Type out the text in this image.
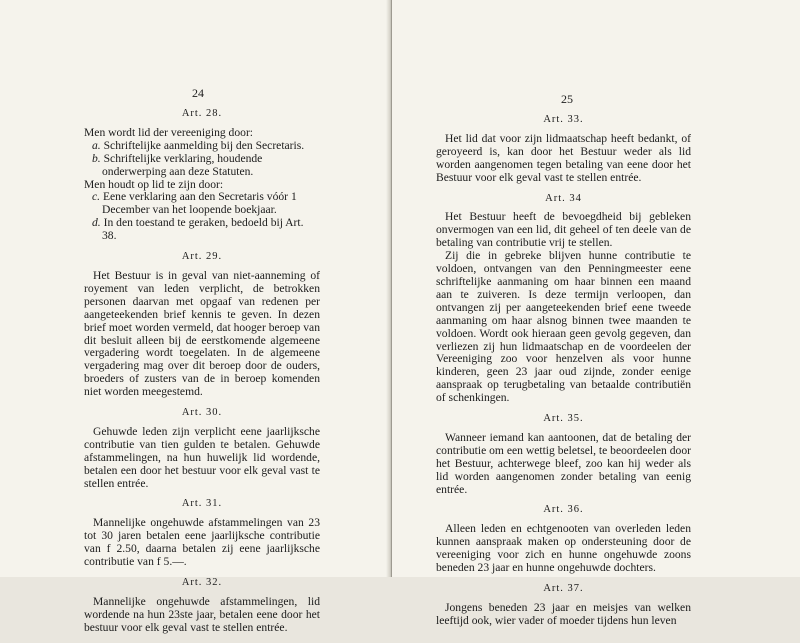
24
Art. 28.
Men wordt lid der vereeniging door:
a. Schriftelijke aanmelding bij den Secretaris.
b. Schriftelijke verklaring, houdende onderwerping aan deze Statuten.
Men houdt op lid te zijn door:
c. Eene verklaring aan den Secretaris vóór 1 December van het loopende boekjaar.
d. In den toestand te geraken, bedoeld bij Art. 38.
Art. 29.
Het Bestuur is in geval van niet-aanneming of royement van leden verplicht, de betrokken personen daarvan met opgaaf van redenen per aangeteekenden brief kennis te geven. In dezen brief moet worden vermeld, dat hooger beroep van dit besluit alleen bij de eerstkomende algemeene vergadering wordt toegelaten. In de algemeene vergadering mag over dit beroep door de ouders, broeders of zusters van de in beroep komenden niet worden meegestemd.
Art. 30.
Gehuwde leden zijn verplicht eene jaarlijksche contributie van tien gulden te betalen. Gehuwde afstammelingen, na hun huwelijk lid wordende, betalen een door het bestuur voor elk geval vast te stellen entrée.
Art. 31.
Mannelijke ongehuwde afstammelingen van 23 tot 30 jaren betalen eene jaarlijksche contributie van f 2.50, daarna betalen zij eene jaarlijksche contributie van f 5.—.
Art. 32.
Mannelijke ongehuwde afstammelingen, lid wordende na hun 23ste jaar, betalen eene door het bestuur voor elk geval vast te stellen entrée.
25
Art. 33.
Het lid dat voor zijn lidmaatschap heeft bedankt, of geroyeerd is, kan door het Bestuur weder als lid worden aangenomen tegen betaling van eene door het Bestuur voor elk geval vast te stellen entrée.
Art. 34
Het Bestuur heeft de bevoegdheid bij gebleken onvermogen van een lid, dit geheel of ten deele van de betaling van contributie vrij te stellen.
Zij die in gebreke blijven hunne contributie te voldoen, ontvangen van den Penningmeester eene schriftelijke aanmaning om haar binnen een maand aan te zuiveren. Is deze termijn verloopen, dan ontvangen zij per aangeteekenden brief eene tweede aanmaning om haar alsnog binnen twee maanden te voldoen. Wordt ook hieraan geen gevolg gegeven, dan verliezen zij hun lidmaatschap en de voordeelen der Vereeniging zoo voor henzelven als voor hunne kinderen, geen 23 jaar oud zijnde, zonder eenige aanspraak op terugbetaling van betaalde contributiën of schenkingen.
Art. 35.
Wanneer iemand kan aantoonen, dat de betaling der contributie om een wettig beletsel, te beoordeelen door het Bestuur, achterwege bleef, zoo kan hij weder als lid worden aangenomen zonder betaling van eenig entrée.
Art. 36.
Alleen leden en echtgenooten van overleden leden kunnen aanspraak maken op ondersteuning door de vereeniging voor zich en hunne ongehuwde zoons beneden 23 jaar en hunne ongehuwde dochters.
Art. 37.
Jongens beneden 23 jaar en meisjes van welken leeftijd ook, wier vader of moeder tijdens hun leven
